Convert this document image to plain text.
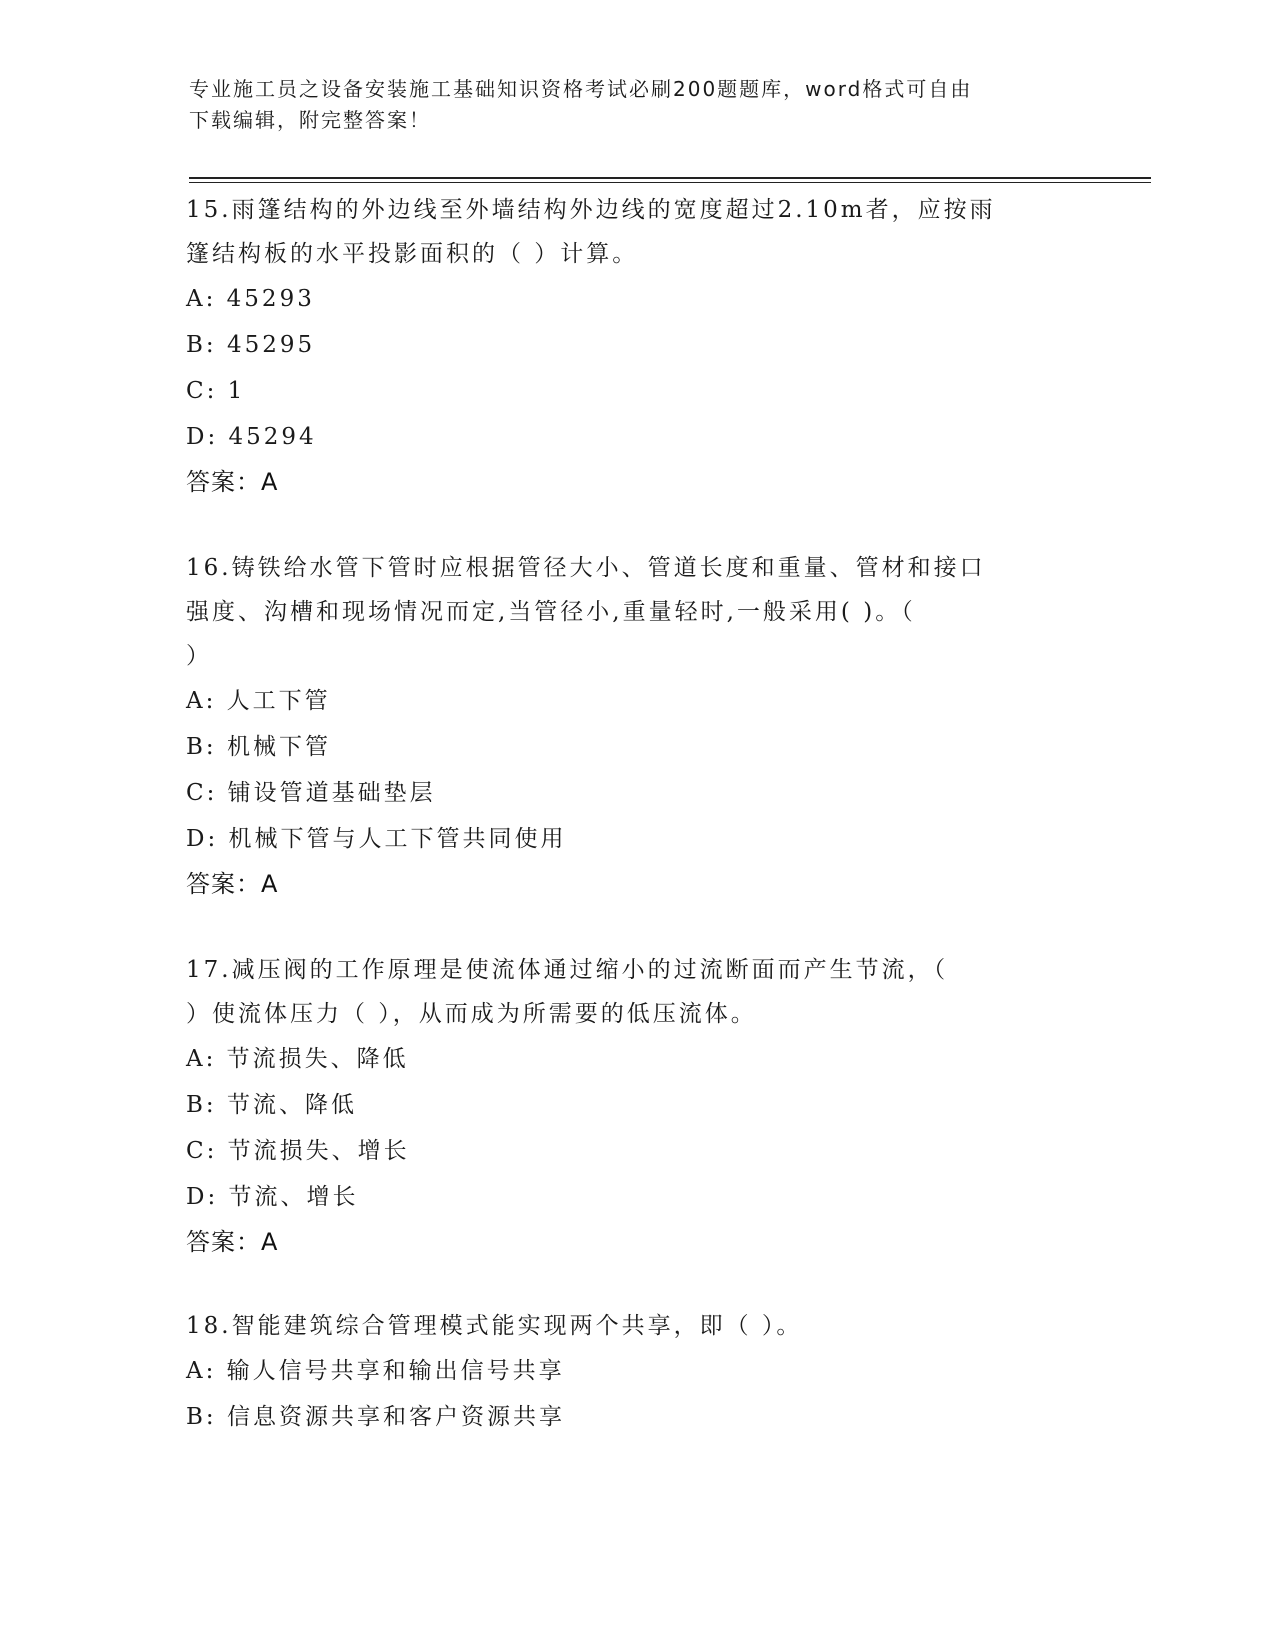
专业施工员之设备安装施工基础知识资格考试必刷200题题库，word格式可自由
下载编辑，附完整答案！

15.雨篷结构的外边线至外墙结构外边线的宽度超过2.10m者，应按雨

篷结构板的水平投影面积的（ ）计算。

A: 45293

B: 45295

C: 1

D: 45294

答案：A

16.铸铁给水管下管时应根据管径大小、管道长度和重量、管材和接口

强度、沟槽和现场情况而定,当管径小,重量轻时,一般采用( )。（

）

A: 人工下管

B: 机械下管

C: 铺设管道基础垫层

D: 机械下管与人工下管共同使用

答案：A

17.减压阀的工作原理是使流体通过缩小的过流断面而产生节流，（

）使流体压力（ ），从而成为所需要的低压流体。

A: 节流损失、降低

B: 节流、降低

C: 节流损失、增长

D: 节流、增长

答案：A

18.智能建筑综合管理模式能实现两个共享，即（ ）。

A: 输人信号共享和输出信号共享

B: 信息资源共享和客户资源共享
